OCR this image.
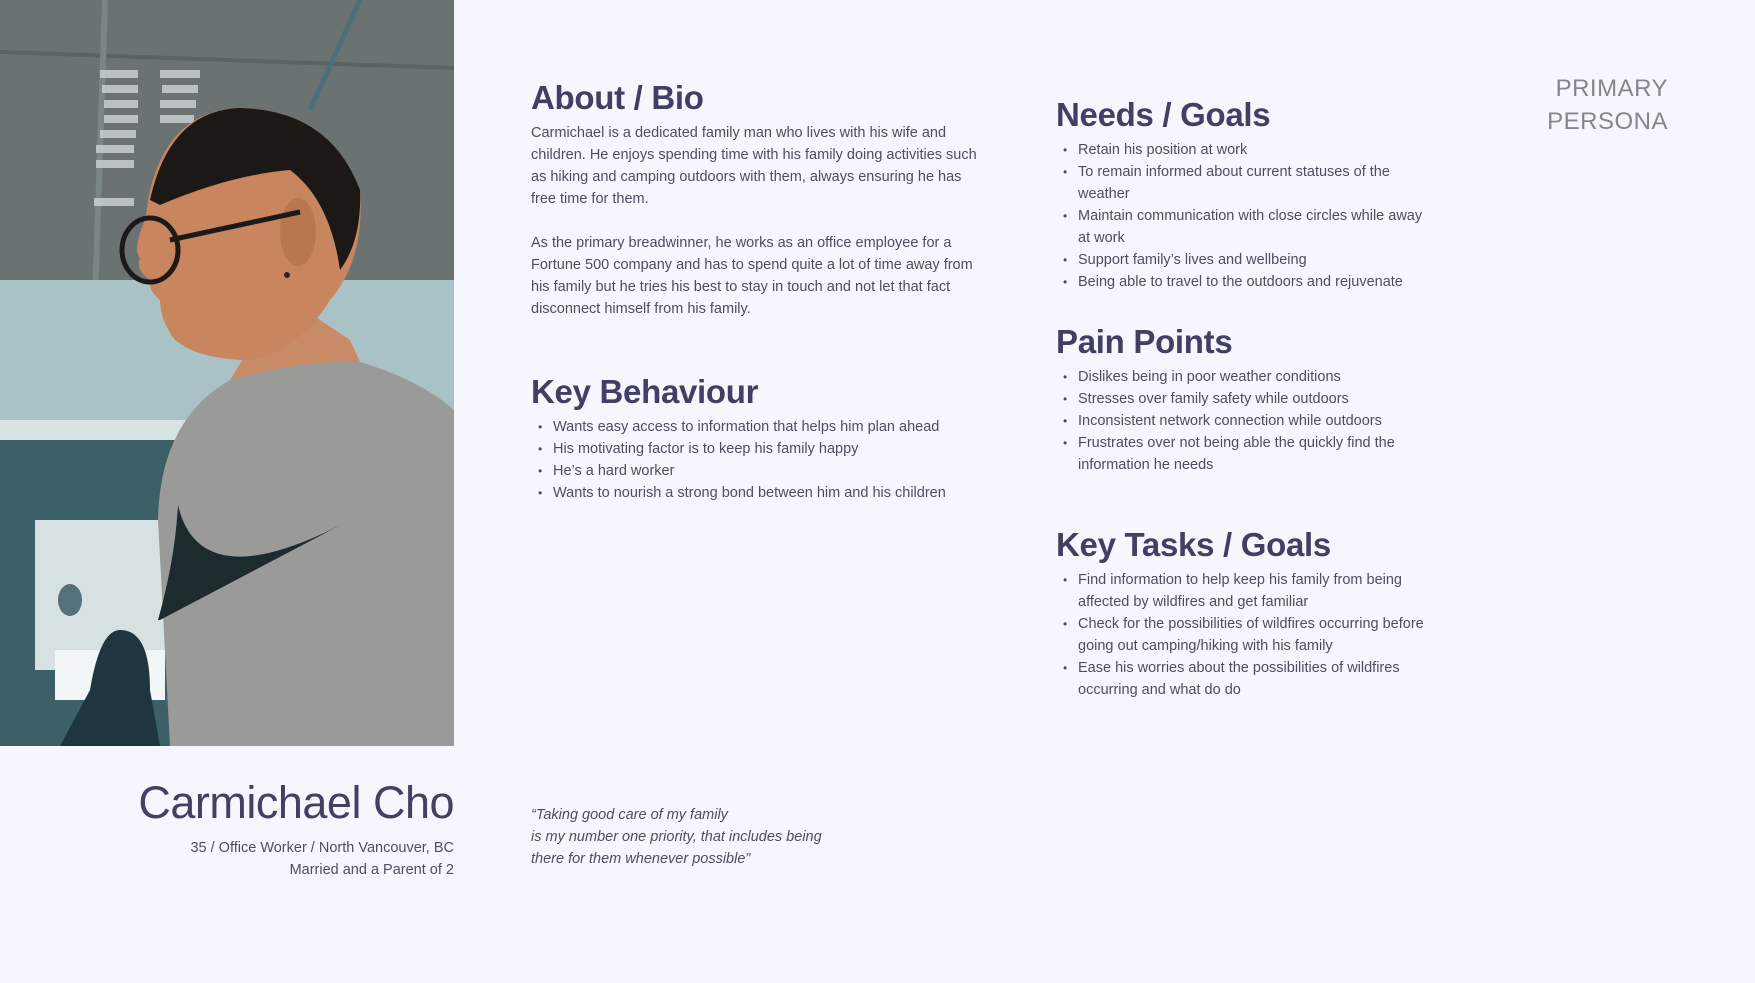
PRIMARY
PERSONA
Carmichael Cho
35 / Office Worker / North Vancouver, BC
Married and a Parent of 2
“Taking good care of my family
is my number one priority, that includes being
there for them whenever possible”
About / Bio

Carmichael is a dedicated family man who lives with his wife and children. He enjoys spending time with his family doing activities such as hiking and camping outdoors with them, always ensuring he has free time for them.

As the primary breadwinner, he works as an office employee for a Fortune 500 company and has to spend quite a lot of time away from his family but he tries his best to stay in touch and not let that fact disconnect himself from his family.

Key Behaviour
• Wants easy access to information that helps him plan ahead
• His motivating factor is to keep his family happy
• He’s a hard worker
• Wants to nourish a strong bond between him and his children
Needs / Goals
• Retain his position at work
• To remain informed about current statuses of the weather
• Maintain communication with close circles while away at work
• Support family’s lives and wellbeing
• Being able to travel to the outdoors and rejuvenate
Pain Points
• Dislikes being in poor weather conditions
• Stresses over family safety while outdoors
• Inconsistent network connection while outdoors
• Frustrates over not being able the quickly find the information he needs
Key Tasks / Goals
• Find information to help keep his family from being affected by wildfires and get familiar
• Check for the possibilities of wildfires occurring before going out camping/hiking with his family
• Ease his worries about the possibilities of wildfires occurring and what do do
